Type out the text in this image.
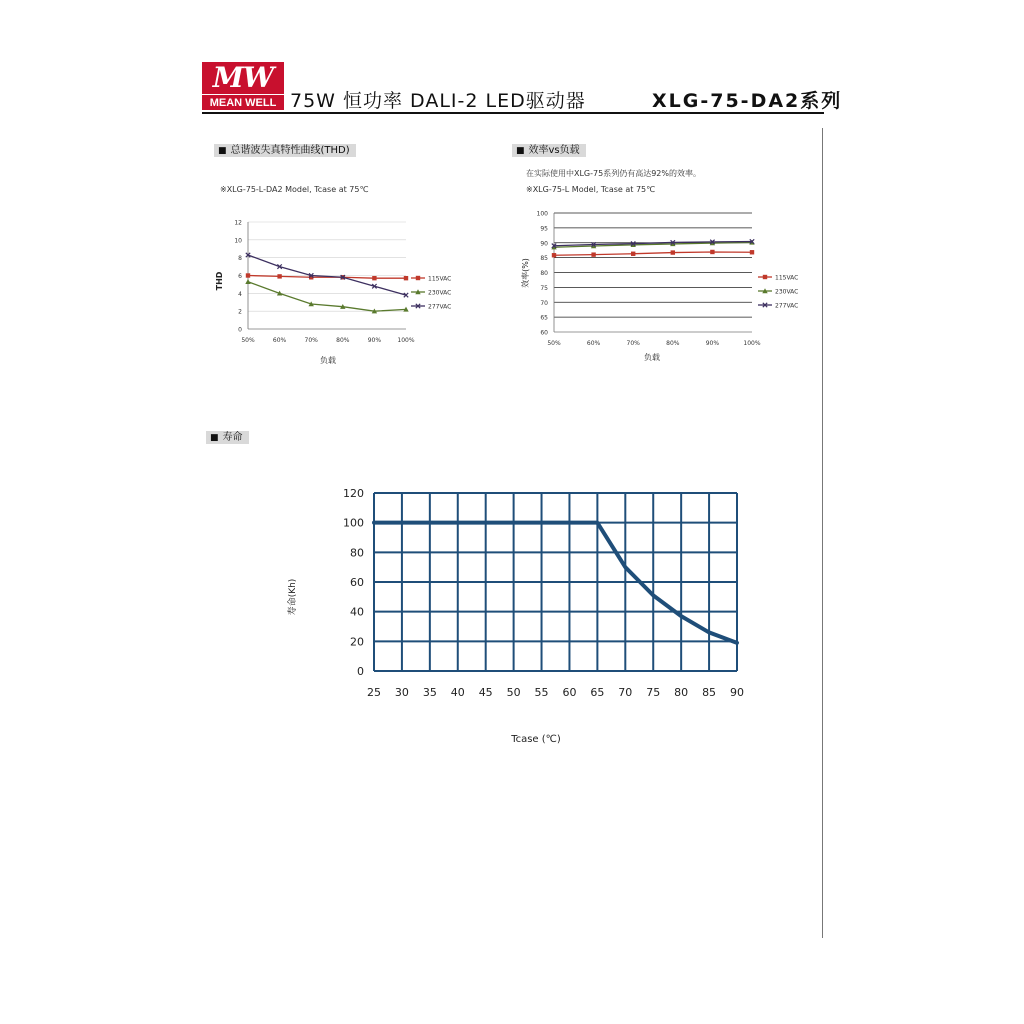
MW
MEAN WELL 75W 恒功率 DALI-2 LED驱动器	XLG-75-DA2系列
■ 总谐波失真特性曲线(THD)
※XLG-75-L-DA2 Model, Tcase at 75℃
■ 效率vs负载
在实际使用中XLG-75系列仍有高达92%的效率。
※XLG-75-L Model, Tcase at 75℃
■ 寿命
0
2
4
6
8
10
12
50%	60%	70%	80%	90%	100%
115VAC
230VAC
277VAC
THD
负载
60
65
70
75
80
85
90
95
100
50%	60%	70%	80%	90%	100%
115VAC
230VAC
277VAC
效率(%)
负载
0
20
40
60
80
100
120
25 30 35 40 45 50 55 60 65 70 75 80 85 90
寿命(Kh)
Tcase (℃)
